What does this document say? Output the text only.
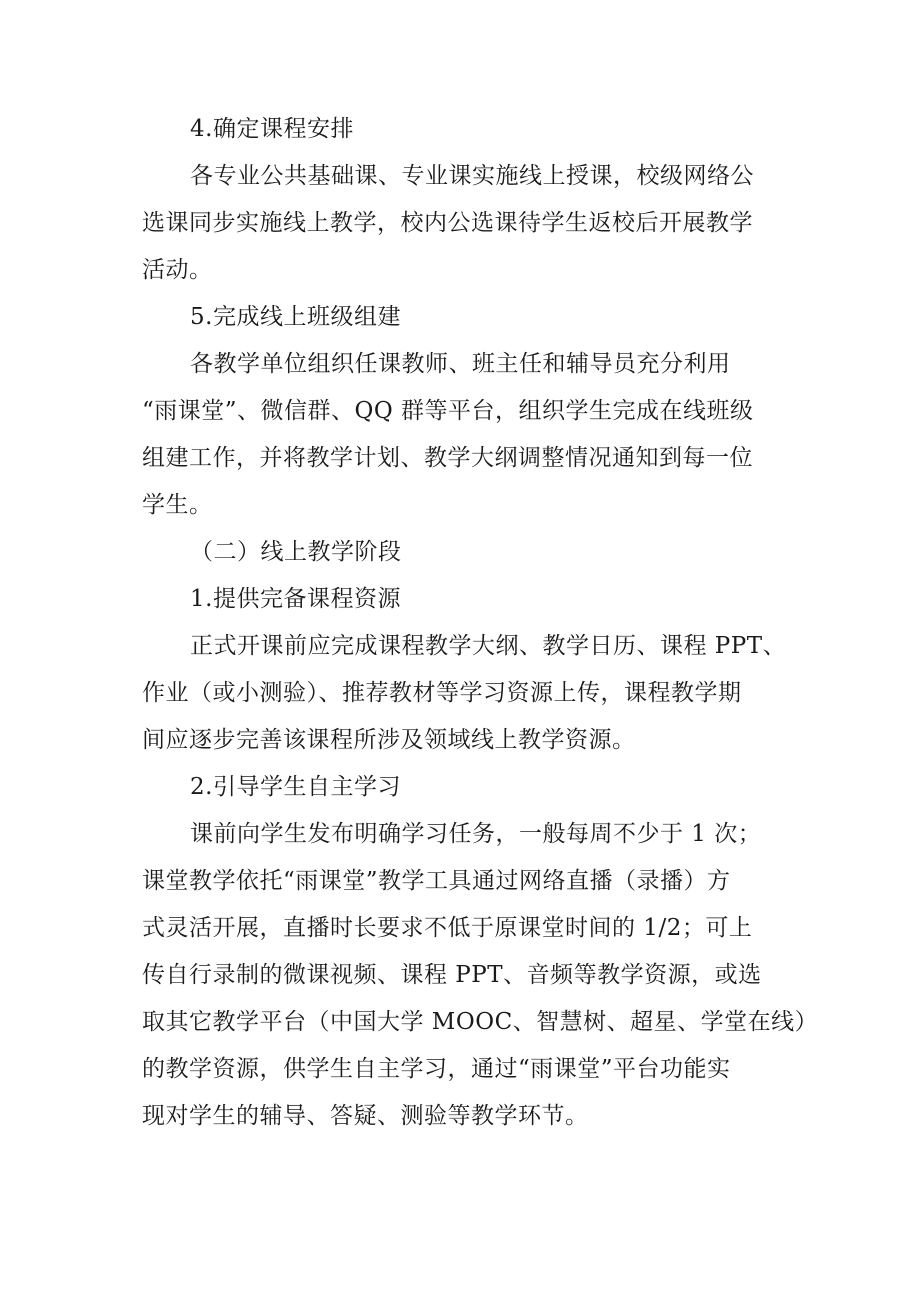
4.确定课程安排
各专业公共基础课、专业课实施线上授课，校级网络公
选课同步实施线上教学，校内公选课待学生返校后开展教学
活动。
5.完成线上班级组建
各教学单位组织任课教师、班主任和辅导员充分利用
“雨课堂”、微信群、QQ 群等平台，组织学生完成在线班级
组建工作，并将教学计划、教学大纲调整情况通知到每一位
学生。
（二）线上教学阶段
1.提供完备课程资源
正式开课前应完成课程教学大纲、教学日历、课程 PPT、
作业（或小测验）、推荐教材等学习资源上传，课程教学期
间应逐步完善该课程所涉及领域线上教学资源。
2.引导学生自主学习
课前向学生发布明确学习任务，一般每周不少于 1 次；
课堂教学依托“雨课堂”教学工具通过网络直播（录播）方
式灵活开展，直播时长要求不低于原课堂时间的 1/2；可上
传自行录制的微课视频、课程 PPT、音频等教学资源，或选
取其它教学平台（中国大学 MOOC、智慧树、超星、学堂在线）
的教学资源，供学生自主学习，通过“雨课堂”平台功能实
现对学生的辅导、答疑、测验等教学环节。
